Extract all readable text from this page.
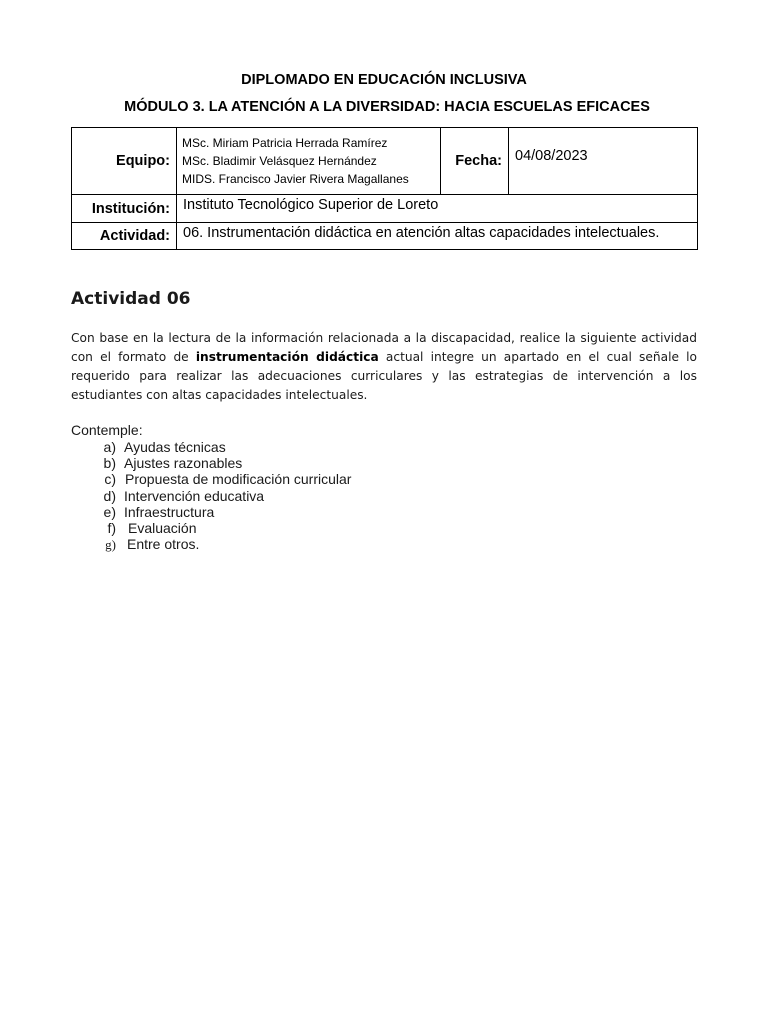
DIPLOMADO EN EDUCACIÓN INCLUSIVA
MÓDULO 3. LA ATENCIÓN A LA DIVERSIDAD: HACIA ESCUELAS EFICACES
Equipo:	MSc. Miriam Patricia Herrada Ramírez
MSc. Bladimir Velásquez Hernández
MIDS. Francisco Javier Rivera Magallanes	Fecha:	04/08/2023
Institución:	Instituto Tecnológico Superior de Loreto		
Actividad:	06. Instrumentación didáctica en atención altas capacidades intelectuales.		
Actividad 06
Con base en la lectura de la información relacionada a la discapacidad, realice la siguiente actividad con el formato de instrumentación didáctica actual integre un apartado en el cual señale lo requerido para realizar las adecuaciones curriculares y las estrategias de intervención a los estudiantes con altas capacidades intelectuales.
Contemple:
a) Ayudas técnicas
b) Ajustes razonables
c) Propuesta de modificación curricular
d) Intervención educativa
e) Infraestructura
f) Evaluación
g) Entre otros.
